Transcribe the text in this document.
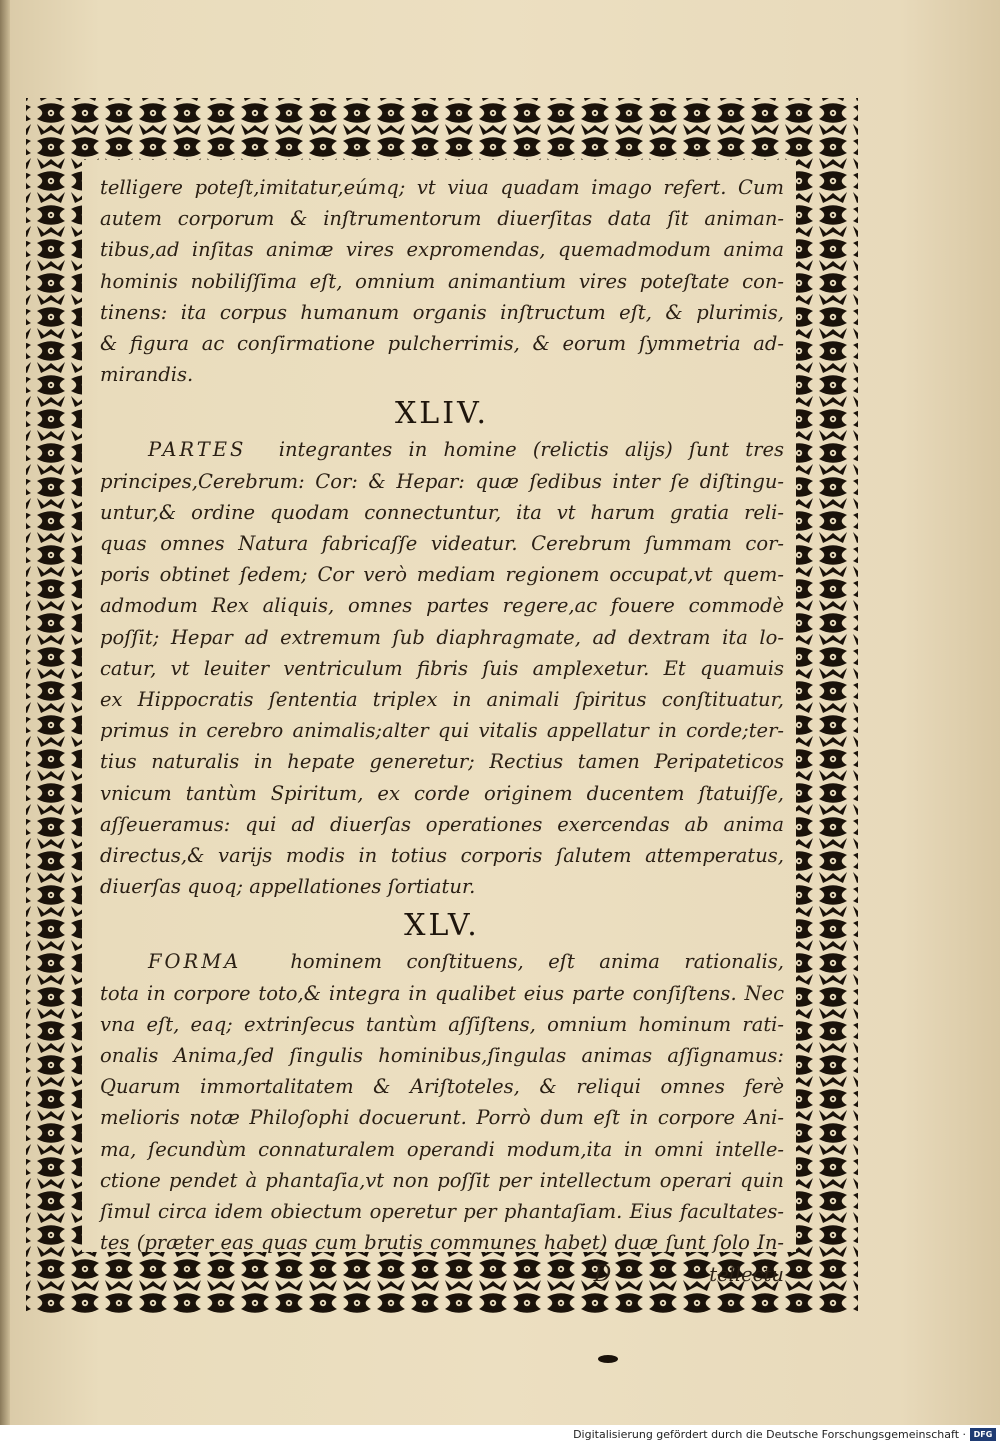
telligere poteſt,imitatur,eúmq; vt viua quadam imago refert. Cum
autem corporum & inſtrumentorum diuerſitas data ſit animan-
tibus,ad inſitas animæ vires expromendas, quemadmodum anima
hominis nobiliſſima eſt, omnium animantium vires poteſtate con-
tinens: ita corpus humanum organis inſtructum eſt, & plurimis,
& figura ac conſirmatione pulcherrimis, & eorum ſymmetria ad-
mirandis.
XLIV.
PARTES integrantes in homine (relictis alijs) ſunt tres
principes,Cerebrum: Cor: & Hepar: quæ ſedibus inter ſe diſtingu-
untur,& ordine quodam connectuntur, ita vt harum gratia reli-
quas omnes Natura fabricaſſe videatur. Cerebrum ſummam cor-
poris obtinet ſedem; Cor verò mediam regionem occupat,vt quem-
admodum Rex aliquis, omnes partes regere,ac fouere commodè
poſſit; Hepar ad extremum ſub diaphragmate, ad dextram ita lo-
catur, vt leuiter ventriculum fibris ſuis amplexetur. Et quamuis
ex Hippocratis ſententia triplex in animali ſpiritus conſtituatur,
primus in cerebro animalis;alter qui vitalis appellatur in corde;ter-
tius naturalis in hepate generetur; Rectius tamen Peripateticos
vnicum tantùm Spiritum, ex corde originem ducentem ſtatuiſſe,
aſſeueramus: qui ad diuerſas operationes exercendas ab anima
directus,& varijs modis in totius corporis ſalutem attemperatus,
diuerſas quoq; appellationes ſortiatur.
XLV.
FORMA	hominem conſtituens, eſt anima rationalis,
tota in corpore toto,& integra in qualibet eius parte conſiſtens. Nec
vna eſt, eaq; extrinſecus tantùm aſſiſtens, omnium hominum rati-
onalis Anima,ſed ſingulis hominibus,ſingulas animas aſſignamus:
Quarum immortalitatem & Ariſtoteles, & reliqui omnes ferè
melioris notæ Philoſophi docuerunt. Porrò dum eſt in corpore Ani-
ma, ſecundùm connaturalem operandi modum,ita in omni intelle-
ctione pendet à phantaſia,vt non poſſit per intellectum operari quin
ſimul circa idem obiectum operetur per phantaſiam. Eius facultates-
tes (præter eas quas cum brutis communes habet) duæ ſunt ſolo In-
D	tellectu
Digitalisierung gefördert durch die Deutsche Forschungsgemeinschaft · DFG
